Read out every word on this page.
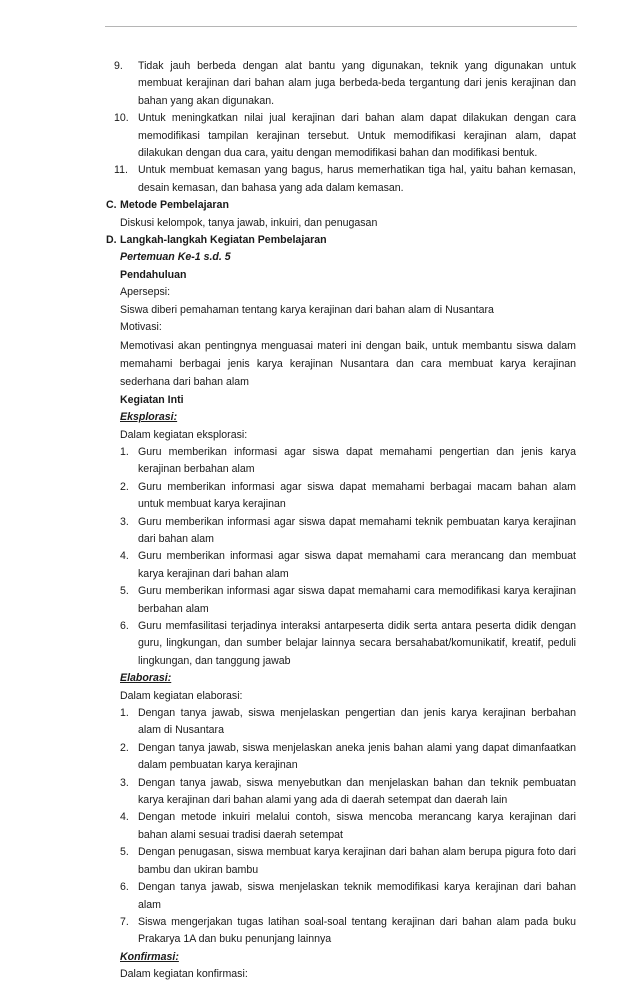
9.	Tidak jauh berbeda dengan alat bantu yang digunakan, teknik yang digunakan untuk membuat kerajinan dari bahan alam juga berbeda-beda tergantung dari jenis kerajinan dan bahan yang akan digunakan.
10. Untuk meningkatkan nilai jual kerajinan dari bahan alam dapat dilakukan dengan cara memodifikasi tampilan kerajinan tersebut. Untuk memodifikasi kerajinan alam, dapat dilakukan dengan dua cara, yaitu dengan memodifikasi bahan dan modifikasi bentuk.
11. Untuk membuat kemasan yang bagus, harus memerhatikan tiga hal, yaitu bahan kemasan, desain kemasan, dan bahasa yang ada dalam kemasan.
C. Metode Pembelajaran
Diskusi kelompok, tanya jawab, inkuiri, dan penugasan
D. Langkah-langkah Kegiatan Pembelajaran
Pertemuan Ke-1 s.d. 5
Pendahuluan
Apersepsi:
Siswa diberi pemahaman tentang karya kerajinan dari bahan alam di Nusantara
Motivasi:
Memotivasi akan pentingnya menguasai materi ini dengan baik, untuk membantu siswa dalam memahami berbagai jenis karya kerajinan Nusantara dan cara membuat karya kerajinan sederhana dari bahan alam
Kegiatan Inti
Eksplorasi:
Dalam kegiatan eksplorasi:
1. Guru memberikan informasi agar siswa dapat memahami pengertian dan jenis karya kerajinan berbahan alam
2. Guru memberikan informasi agar siswa dapat memahami berbagai macam bahan alam untuk membuat karya kerajinan
3. Guru memberikan informasi agar siswa dapat memahami teknik pembuatan karya kerajinan dari bahan alam
4. Guru memberikan informasi agar siswa dapat memahami cara merancang dan membuat karya kerajinan dari bahan alam
5. Guru memberikan informasi agar siswa dapat memahami cara memodifikasi karya kerajinan berbahan alam
6. Guru memfasilitasi terjadinya interaksi antarpeserta didik serta antara peserta didik dengan guru, lingkungan, dan sumber belajar lainnya secara bersahabat/komunikatif, kreatif, peduli lingkungan, dan tanggung jawab
Elaborasi:
Dalam kegiatan elaborasi:
1. Dengan tanya jawab, siswa menjelaskan pengertian dan jenis karya kerajinan berbahan alam di Nusantara
2. Dengan tanya jawab, siswa menjelaskan aneka jenis bahan alami yang dapat dimanfaatkan dalam pembuatan karya kerajinan
3. Dengan tanya jawab, siswa menyebutkan dan menjelaskan bahan dan teknik pembuatan karya kerajinan dari bahan alami yang ada di daerah setempat dan daerah lain
4. Dengan metode inkuiri melalui contoh, siswa mencoba merancang karya kerajinan dari bahan alami sesuai tradisi daerah setempat
5. Dengan penugasan, siswa membuat karya kerajinan dari bahan alam berupa pigura foto dari bambu dan ukiran bambu
6. Dengan tanya jawab, siswa menjelaskan teknik memodifikasi karya kerajinan dari bahan alam
7. Siswa mengerjakan tugas latihan soal-soal tentang kerajinan dari bahan alam pada buku Prakarya 1A dan buku penunjang lainnya
Konfirmasi:
Dalam kegiatan konfirmasi:
